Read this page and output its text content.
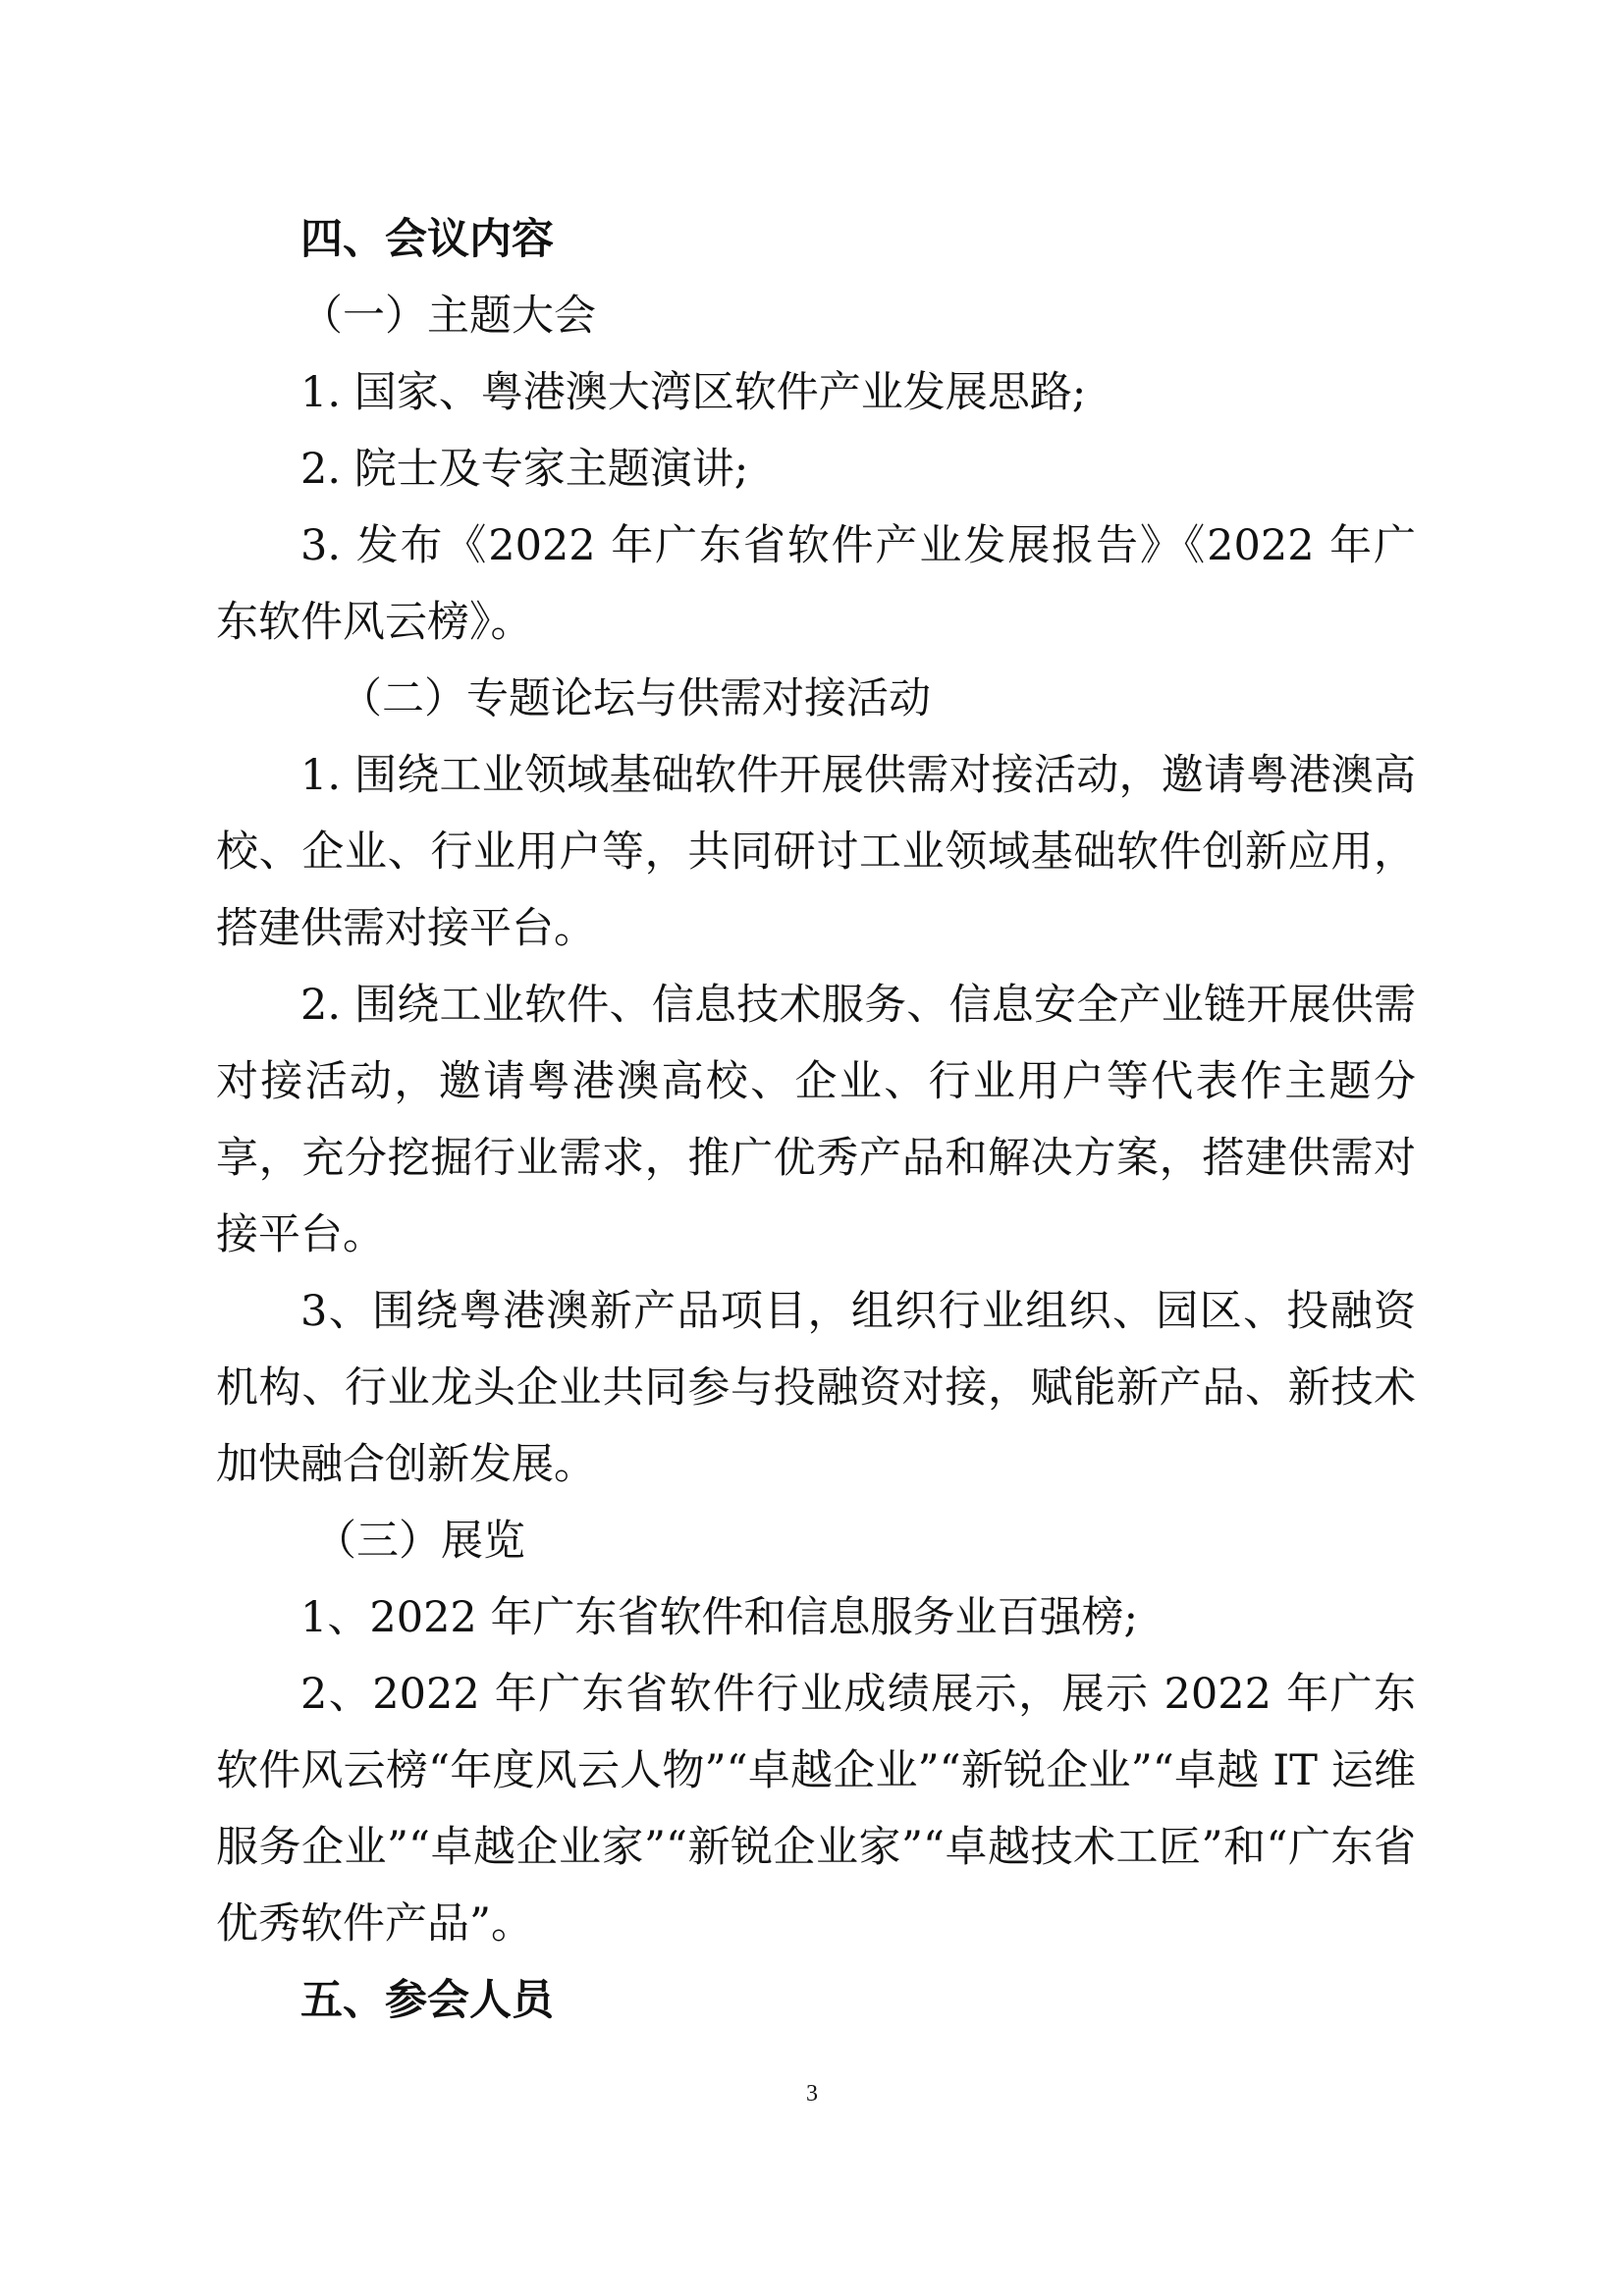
四、会议内容
（一）主题大会
1. 国家、粤港澳大湾区软件产业发展思路;
2. 院士及专家主题演讲;
3. 发布《2022 年广东省软件产业发展报告》《2022 年广东软件风云榜》。
（二）专题论坛与供需对接活动
1. 围绕工业领域基础软件开展供需对接活动，邀请粤港澳高校、企业、行业用户等，共同研讨工业领域基础软件创新应用，搭建供需对接平台。
2. 围绕工业软件、信息技术服务、信息安全产业链开展供需对接活动，邀请粤港澳高校、企业、行业用户等代表作主题分享，充分挖掘行业需求，推广优秀产品和解决方案，搭建供需对接平台。
3、围绕粤港澳新产品项目，组织行业组织、园区、投融资机构、行业龙头企业共同参与投融资对接，赋能新产品、新技术加快融合创新发展。
（三）展览
1、2022 年广东省软件和信息服务业百强榜;
2、2022 年广东省软件行业成绩展示，展示 2022 年广东软件风云榜“年度风云人物”“卓越企业”“新锐企业”“卓越 IT 运维服务企业”“卓越企业家”“新锐企业家”“卓越技术工匠”和“广东省优秀软件产品”。
五、参会人员
3
